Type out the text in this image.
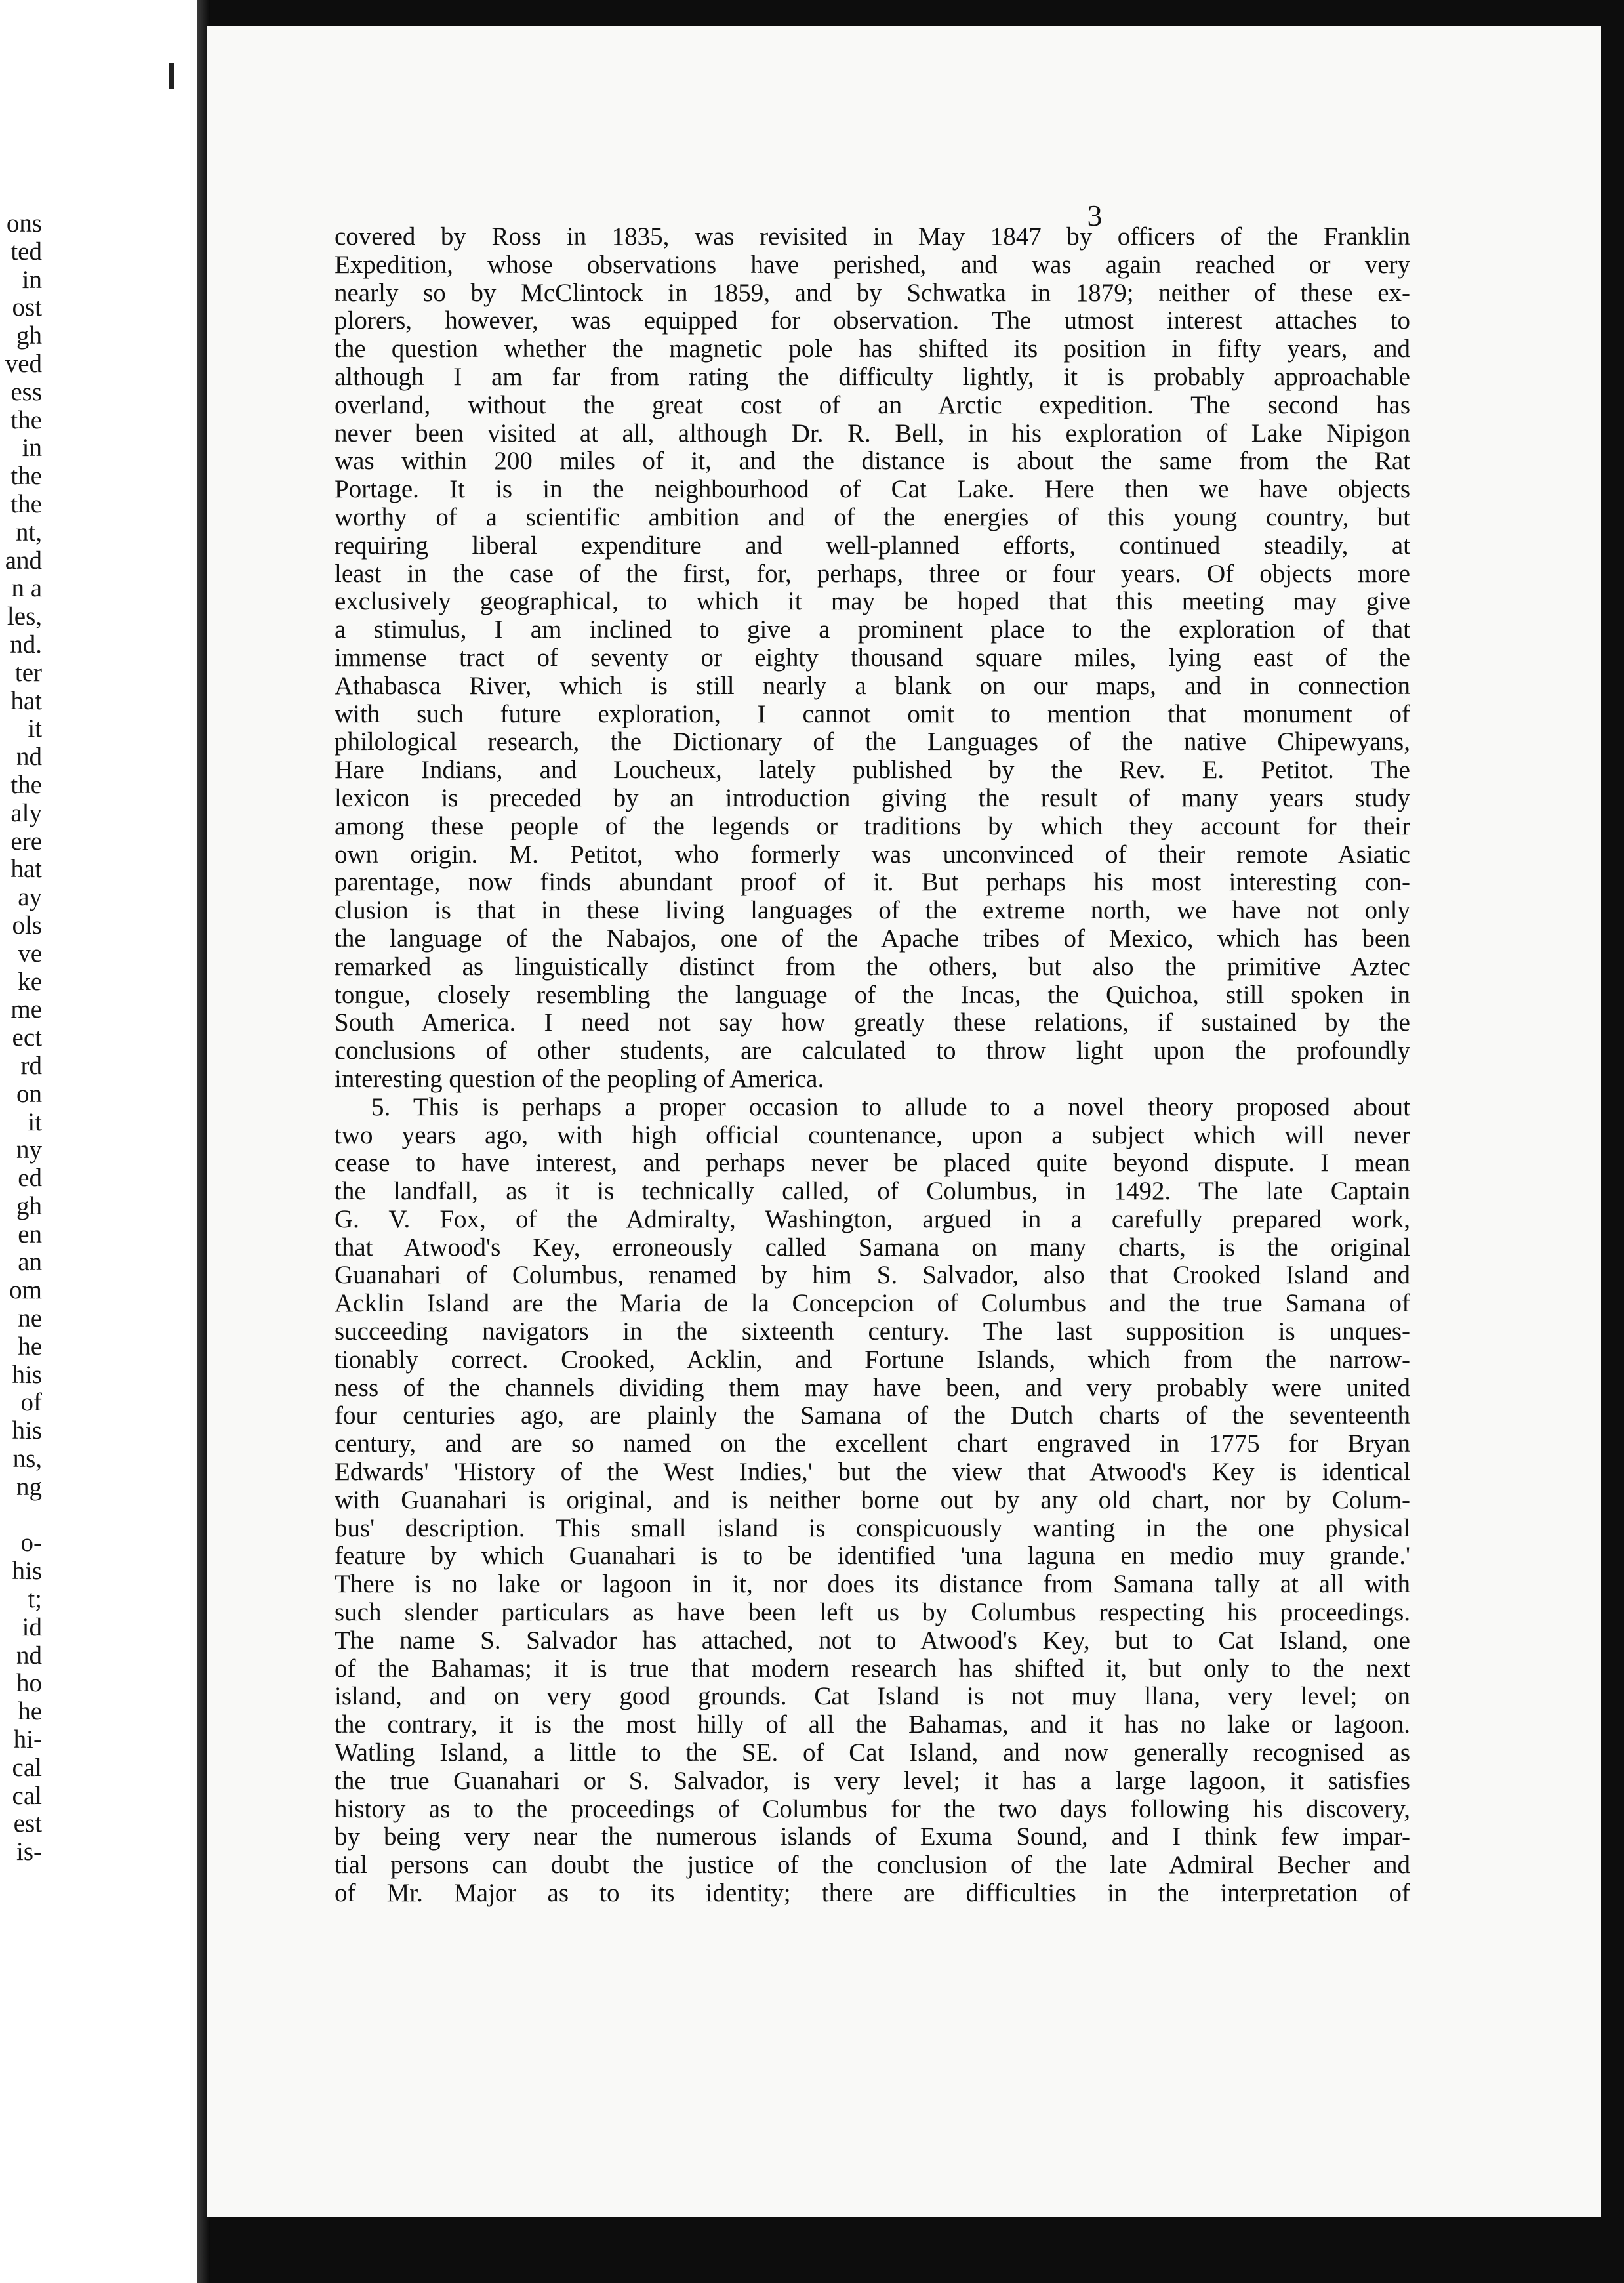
ons
ted
in
ost
gh
ved
ess
the
in
the
the
nt,
and
n a
les,
nd.
ter
hat
it
nd
the
aly
ere
hat
ay
ols
ve
ke
me
ect
rd
on
it
ny
ed
gh
en
an
om
ne
he
his
of
his
ns,
ng
o-
his
t;
id
nd
ho
he
hi-
cal
cal
est
is-
3
covered by Ross in 1835, was revisited in May 1847 by officers of the Franklin
Expedition, whose observations have perished, and was again reached or very
nearly so by McClintock in 1859, and by Schwatka in 1879; neither of these ex-
plorers, however, was equipped for observation. The utmost interest attaches to
the question whether the magnetic pole has shifted its position in fifty years, and
although I am far from rating the difficulty lightly, it is probably approachable
overland, without the great cost of an Arctic expedition. The second has
never been visited at all, although Dr. R. Bell, in his exploration of Lake Nipigon
was within 200 miles of it, and the distance is about the same from the Rat
Portage. It is in the neighbourhood of Cat Lake. Here then we have objects
worthy of a scientific ambition and of the energies of this young country, but
requiring liberal expenditure and well-planned efforts, continued steadily, at
least in the case of the first, for, perhaps, three or four years. Of objects more
exclusively geographical, to which it may be hoped that this meeting may give
a stimulus, I am inclined to give a prominent place to the exploration of that
immense tract of seventy or eighty thousand square miles, lying east of the
Athabasca River, which is still nearly a blank on our maps, and in connection
with such future exploration, I cannot omit to mention that monument of
philological research, the Dictionary of the Languages of the native Chipewyans,
Hare Indians, and Loucheux, lately published by the Rev. E. Petitot. The
lexicon is preceded by an introduction giving the result of many years study
among these people of the legends or traditions by which they account for their
own origin. M. Petitot, who formerly was unconvinced of their remote Asiatic
parentage, now finds abundant proof of it. But perhaps his most interesting con-
clusion is that in these living languages of the extreme north, we have not only
the language of the Nabajos, one of the Apache tribes of Mexico, which has been
remarked as linguistically distinct from the others, but also the primitive Aztec
tongue, closely resembling the language of the Incas, the Quichoa, still spoken in
South America. I need not say how greatly these relations, if sustained by the
conclusions of other students, are calculated to throw light upon the profoundly
interesting question of the peopling of America.
5. This is perhaps a proper occasion to allude to a novel theory proposed about
two years ago, with high official countenance, upon a subject which will never
cease to have interest, and perhaps never be placed quite beyond dispute. I mean
the landfall, as it is technically called, of Columbus, in 1492. The late Captain
G. V. Fox, of the Admiralty, Washington, argued in a carefully prepared work,
that Atwood's Key, erroneously called Samana on many charts, is the original
Guanahari of Columbus, renamed by him S. Salvador, also that Crooked Island and
Acklin Island are the Maria de la Concepcion of Columbus and the true Samana of
succeeding navigators in the sixteenth century. The last supposition is unques-
tionably correct. Crooked, Acklin, and Fortune Islands, which from the narrow-
ness of the channels dividing them may have been, and very probably were united
four centuries ago, are plainly the Samana of the Dutch charts of the seventeenth
century, and are so named on the excellent chart engraved in 1775 for Bryan
Edwards' 'History of the West Indies,' but the view that Atwood's Key is identical
with Guanahari is original, and is neither borne out by any old chart, nor by Colum-
bus' description. This small island is conspicuously wanting in the one physical
feature by which Guanahari is to be identified 'una laguna en medio muy grande.'
There is no lake or lagoon in it, nor does its distance from Samana tally at all with
such slender particulars as have been left us by Columbus respecting his proceedings.
The name S. Salvador has attached, not to Atwood's Key, but to Cat Island, one
of the Bahamas; it is true that modern research has shifted it, but only to the next
island, and on very good grounds. Cat Island is not muy llana, very level; on
the contrary, it is the most hilly of all the Bahamas, and it has no lake or lagoon.
Watling Island, a little to the SE. of Cat Island, and now generally recognised as
the true Guanahari or S. Salvador, is very level; it has a large lagoon, it satisfies
history as to the proceedings of Columbus for the two days following his discovery,
by being very near the numerous islands of Exuma Sound, and I think few impar-
tial persons can doubt the justice of the conclusion of the late Admiral Becher and
of Mr. Major as to its identity; there are difficulties in the interpretation of
